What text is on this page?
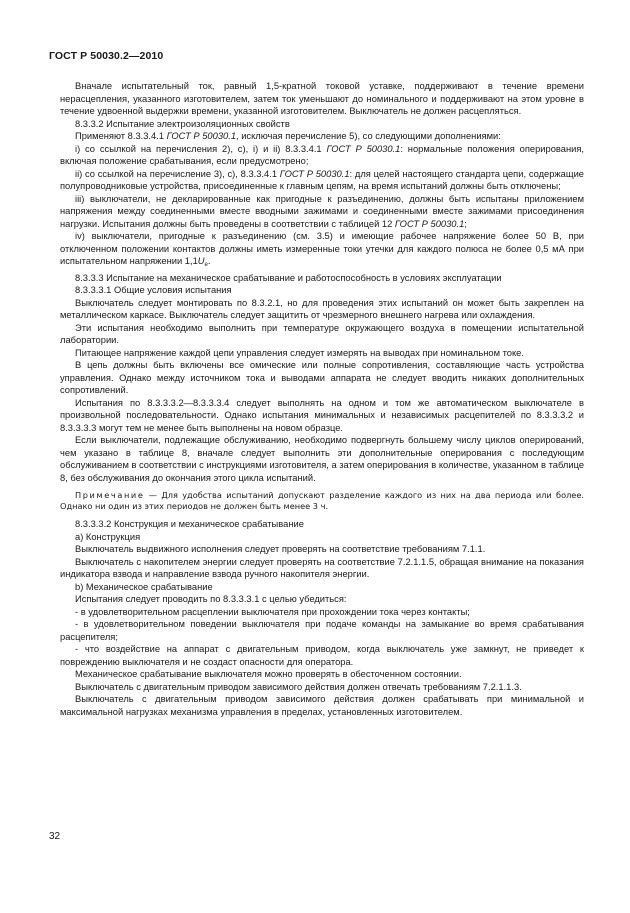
ГОСТ Р 50030.2—2010

Вначале испытательный ток, равный 1,5-кратной токовой уставке, поддерживают в течение времени нерасцепления, указанного изготовителем, затем ток уменьшают до номинального и поддерживают на этом уровне в течение удвоенной выдержки времени, указанной изготовителем. Выключатель не должен расцепляться.

8.3.3.2 Испытание электроизоляционных свойств

Применяют 8.3.3.4.1 ГОСТ Р 50030.1, исключая перечисление 5), со следующими дополнениями:

i) со ссылкой на перечисления 2), с), i) и ii) 8.3.3.4.1 ГОСТ Р 50030.1: нормальные положения оперирования, включая положение срабатывания, если предусмотрено;

ii) со ссылкой на перечисление 3), с), 8.3.3.4.1 ГОСТ Р 50030.1: для целей настоящего стандарта цепи, содержащие полупроводниковые устройства, присоединенные к главным цепям, на время испытаний должны быть отключены;

iii) выключатели, не декларированные как пригодные к разъединению, должны быть испытаны приложением напряжения между соединенными вместе вводными зажимами и соединенными вместе зажимами присоединения нагрузки. Испытания должны быть проведены в соответствии с таблицей 12 ГОСТ Р 50030.1;

iv) выключатели, пригодные к разъединению (см. 3.5) и имеющие рабочее напряжение более 50 В, при отключенном положении контактов должны иметь измеренные токи утечки для каждого полюса не более 0,5 мА при испытательном напряжении $1,1U_e$.

8.3.3.3 Испытание на механическое срабатывание и работоспособность в условиях эксплуатации

8.3.3.3.1 Общие условия испытания

Выключатель следует монтировать по 8.3.2.1, но для проведения этих испытаний он может быть закреплен на металлическом каркасе. Выключатель следует защитить от чрезмерного внешнего нагрева или охлаждения.

Эти испытания необходимо выполнить при температуре окружающего воздуха в помещении испытательной лаборатории.

Питающее напряжение каждой цепи управления следует измерять на выводах при номинальном токе.

В цепь должны быть включены все омические или полные сопротивления, составляющие часть устройства управления. Однако между источником тока и выводами аппарата не следует вводить никаких дополнительных сопротивлений.

Испытания по 8.3.3.3.2—8.3.3.3.4 следует выполнять на одном и том же автоматическом выключателе в произвольной последовательности. Однако испытания минимальных и независимых расцепителей по 8.3.3.3.2 и 8.3.3.3.3 могут тем не менее быть выполнены на новом образце.

Если выключатели, подлежащие обслуживанию, необходимо подвергнуть большему числу циклов оперирований, чем указано в таблице 8, вначале следует выполнить эти дополнительные оперирования с последующим обслуживанием в соответствии с инструкциями изготовителя, а затем оперирования в количестве, указанном в таблице 8, без обслуживания до окончания этого цикла испытаний.

Примечание — Для удобства испытаний допускают разделение каждого из них на два периода или более. Однако ни один из этих периодов не должен быть менее 3 ч.

8.3.3.3.2 Конструкция и механическое срабатывание

a) Конструкция

Выключатель выдвижного исполнения следует проверять на соответствие требованиям 7.1.1.

Выключатель с накопителем энергии следует проверять на соответствие 7.2.1.1.5, обращая внимание на показания индикатора взвода и направление взвода ручного накопителя энергии.

b) Механическое срабатывание

Испытания следует проводить по 8.3.3.3.1 с целью убедиться:

- в удовлетворительном расцеплении выключателя при прохождении тока через контакты;

- в удовлетворительном поведении выключателя при подаче команды на замыкание во время срабатывания расцепителя;

- что воздействие на аппарат с двигательным приводом, когда выключатель уже замкнут, не приведет к повреждению выключателя и не создаст опасности для оператора.

Механическое срабатывание выключателя можно проверять в обесточенном состоянии.

Выключатель с двигательным приводом зависимого действия должен отвечать требованиям 7.2.1.1.3.

Выключатель с двигательным приводом зависимого действия должен срабатывать при минимальной и максимальной нагрузках механизма управления в пределах, установленных изготовителем.

32
